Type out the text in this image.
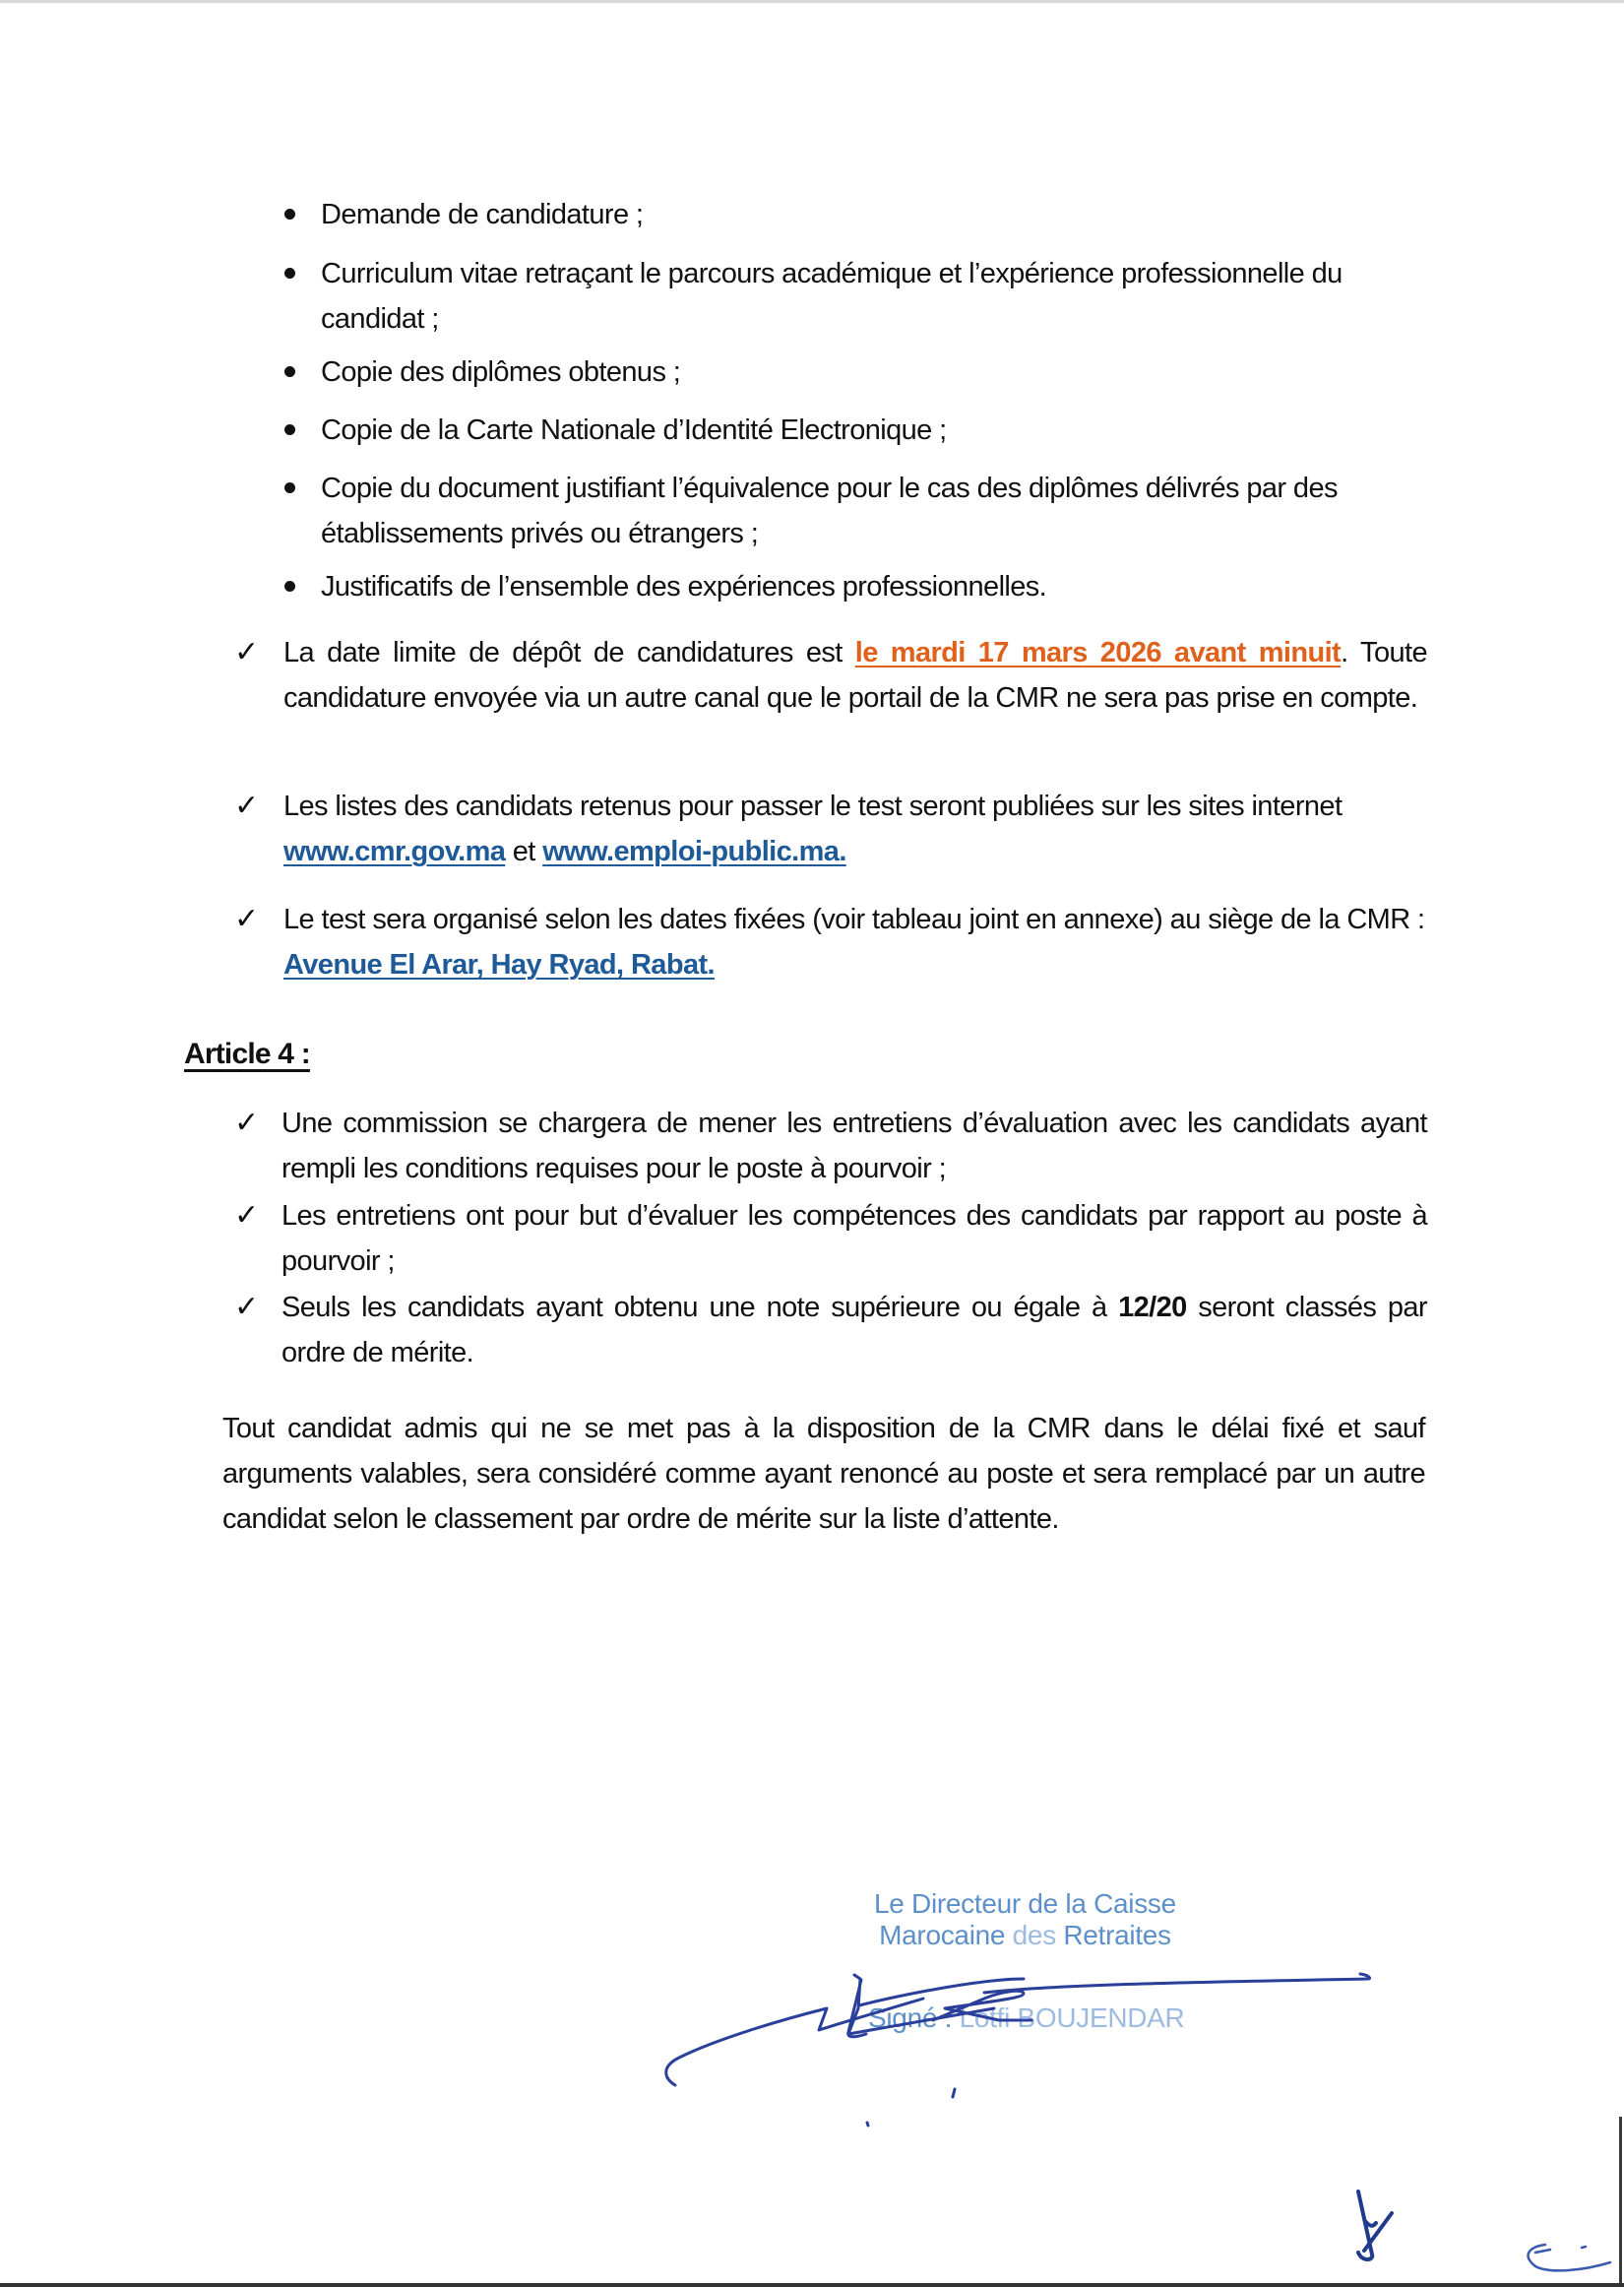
Demande de candidature ;
Curriculum vitae retraçant le parcours académique et l’expérience professionnelle du candidat ;
Copie des diplômes obtenus ;
Copie de la Carte Nationale d’Identité Electronique ;
Copie du document justifiant l’équivalence pour le cas des diplômes délivrés par des établissements privés ou étrangers ;
Justificatifs de l’ensemble des expériences professionnelles.
✓ La date limite de dépôt de candidatures est le mardi 17 mars 2026 avant minuit. Toute candidature envoyée via un autre canal que le portail de la CMR ne sera pas prise en compte.
✓ Les listes des candidats retenus pour passer le test seront publiées sur les sites internet www.cmr.gov.ma et www.emploi-public.ma.
✓ Le test sera organisé selon les dates fixées (voir tableau joint en annexe) au siège de la CMR : Avenue El Arar, Hay Ryad, Rabat.
Article 4 :
✓ Une commission se chargera de mener les entretiens d’évaluation avec les candidats ayant rempli les conditions requises pour le poste à pourvoir ;
✓ Les entretiens ont pour but d’évaluer les compétences des candidats par rapport au poste à pourvoir ;
✓ Seuls les candidats ayant obtenu une note supérieure ou égale à 12/20 seront classés par ordre de mérite.
Tout candidat admis qui ne se met pas à la disposition de la CMR dans le délai fixé et sauf arguments valables, sera considéré comme ayant renoncé au poste et sera remplacé par un autre candidat selon le classement par ordre de mérite sur la liste d’attente.
Le Directeur de la Caisse
Marocaine des Retraites
Signé : Lotfi BOUJENDAR
